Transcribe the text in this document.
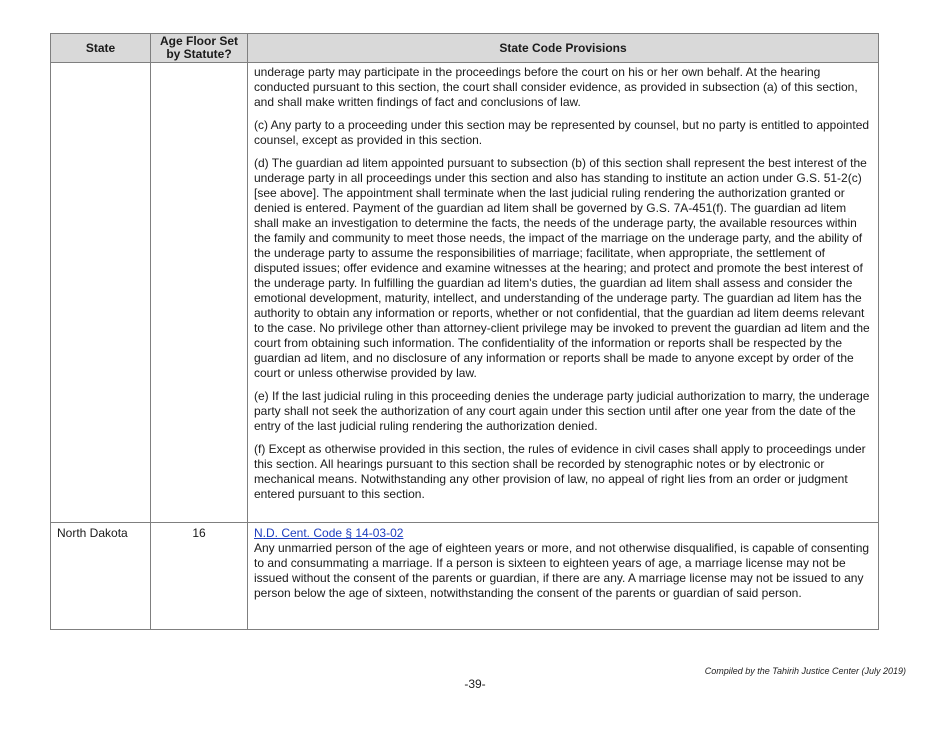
State	Age Floor Set by Statute?	State Code Provisions

		underage party may participate in the proceedings before the court on his or her own behalf. At the hearing conducted pursuant to this section, the court shall consider evidence, as provided in subsection (a) of this section, and shall make written findings of fact and conclusions of law.

(c) Any party to a proceeding under this section may be represented by counsel, but no party is entitled to appointed counsel, except as provided in this section.

(d) The guardian ad litem appointed pursuant to subsection (b) of this section shall represent the best interest of the underage party in all proceedings under this section and also has standing to institute an action under G.S. 51-2(c) [see above]. The appointment shall terminate when the last judicial ruling rendering the authorization granted or denied is entered. Payment of the guardian ad litem shall be governed by G.S. 7A-451(f). The guardian ad litem shall make an investigation to determine the facts, the needs of the underage party, the available resources within the family and community to meet those needs, the impact of the marriage on the underage party, and the ability of the underage party to assume the responsibilities of marriage; facilitate, when appropriate, the settlement of disputed issues; offer evidence and examine witnesses at the hearing; and protect and promote the best interest of the underage party. In fulfilling the guardian ad litem's duties, the guardian ad litem shall assess and consider the emotional development, maturity, intellect, and understanding of the underage party. The guardian ad litem has the authority to obtain any information or reports, whether or not confidential, that the guardian ad litem deems relevant to the case. No privilege other than attorney-client privilege may be invoked to prevent the guardian ad litem and the court from obtaining such information. The confidentiality of the information or reports shall be respected by the guardian ad litem, and no disclosure of any information or reports shall be made to anyone except by order of the court or unless otherwise provided by law.

(e) If the last judicial ruling in this proceeding denies the underage party judicial authorization to marry, the underage party shall not seek the authorization of any court again under this section until after one year from the date of the entry of the last judicial ruling rendering the authorization denied.

(f) Except as otherwise provided in this section, the rules of evidence in civil cases shall apply to proceedings under this section. All hearings pursuant to this section shall be recorded by stenographic notes or by electronic or mechanical means. Notwithstanding any other provision of law, no appeal of right lies from an order or judgment entered pursuant to this section.

North Dakota	16	N.D. Cent. Code § 14-03-02
Any unmarried person of the age of eighteen years or more, and not otherwise disqualified, is capable of consenting to and consummating a marriage. If a person is sixteen to eighteen years of age, a marriage license may not be issued without the consent of the parents or guardian, if there are any. A marriage license may not be issued to any person below the age of sixteen, notwithstanding the consent of the parents or guardian of said person.
Compiled by the Tahirih Justice Center (July 2019)
-39-
